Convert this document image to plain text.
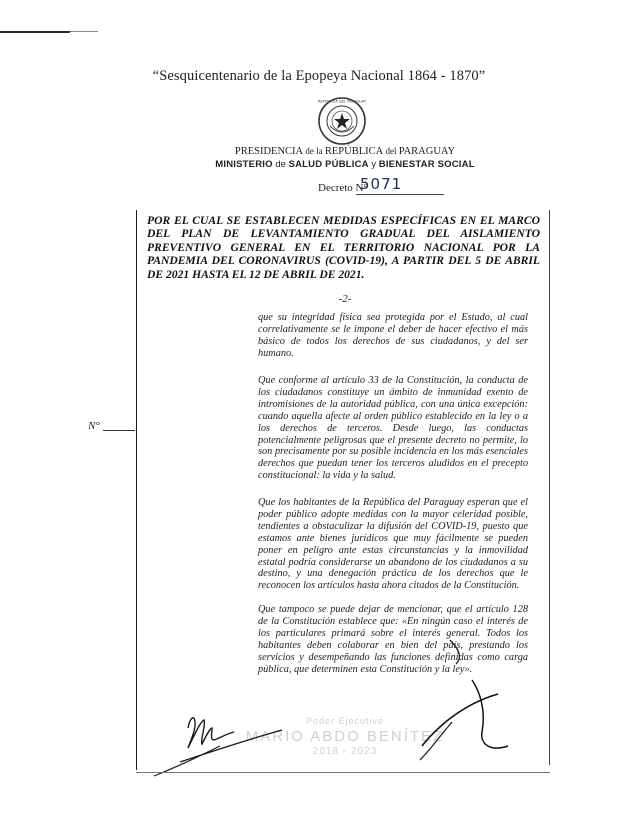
“Sesquicentenario de la Epopeya Nacional 1864 - 1870”
REPÚBLICA DEL PARAGUAY
PRESIDENCIA de la REPÚBLICA del PARAGUAY
MINISTERIO de SALUD PÚBLICA y BIENESTAR SOCIAL
Decreto N°
5071
N°
POR EL CUAL SE ESTABLECEN MEDIDAS ESPECÍFICAS EN EL MARCO DEL PLAN DE LEVANTAMIENTO GRADUAL DEL AISLAMIENTO PREVENTIVO GENERAL EN EL TERRITORIO NACIONAL POR LA PANDEMIA DEL CORONAVIRUS (COVID-19), A PARTIR DEL 5 DE ABRIL DE 2021 HASTA EL 12 DE ABRIL DE 2021.
-2-

que su integridad física sea protegida por el Estado, al cual correlativamente se le impone el deber de hacer efectivo el más básico de todos los derechos de sus ciudadanos, y del ser humano.

Que conforme al artículo 33 de la Constitución, la conducta de los ciudadanos constituye un ámbito de inmunidad exento de intromisiones de la autoridad pública, con una única excepción: cuando aquella afecte al orden público establecido en la ley o a los derechos de terceros. Desde luego, las conductas potencialmente peligrosas que el presente decreto no permite, lo son precisamente por su posible incidencia en los más esenciales derechos que puedan tener los terceros aludidos en el precepto constitucional: la vida y la salud.

Que los habitantes de la República del Paraguay esperan que el poder público adopte medidas con la mayor celeridad posible, tendientes a obstaculizar la difusión del COVID-19, puesto que estamos ante bienes jurídicos que muy fácilmente se pueden poner en peligro ante estas circunstancias y la inmovilidad estatal podría considerarse un abandono de los ciudadanos a su destino, y una denegación práctica de los derechos que le reconocen los artículos hasta ahora citados de la Constitución.

Que tampoco se puede dejar de mencionar, que el artículo 128 de la Constitución establece que: «En ningún caso el interés de los particulares primará sobre el interés general. Todos los habitantes deben colaborar en bien del país, prestando los servicios y desempeñando las funciones definidas como carga pública, que determinen esta Constitución y la ley».

Poder Ejecutivo
MARIO ABDO BENÍTEZ
2018 - 2023
